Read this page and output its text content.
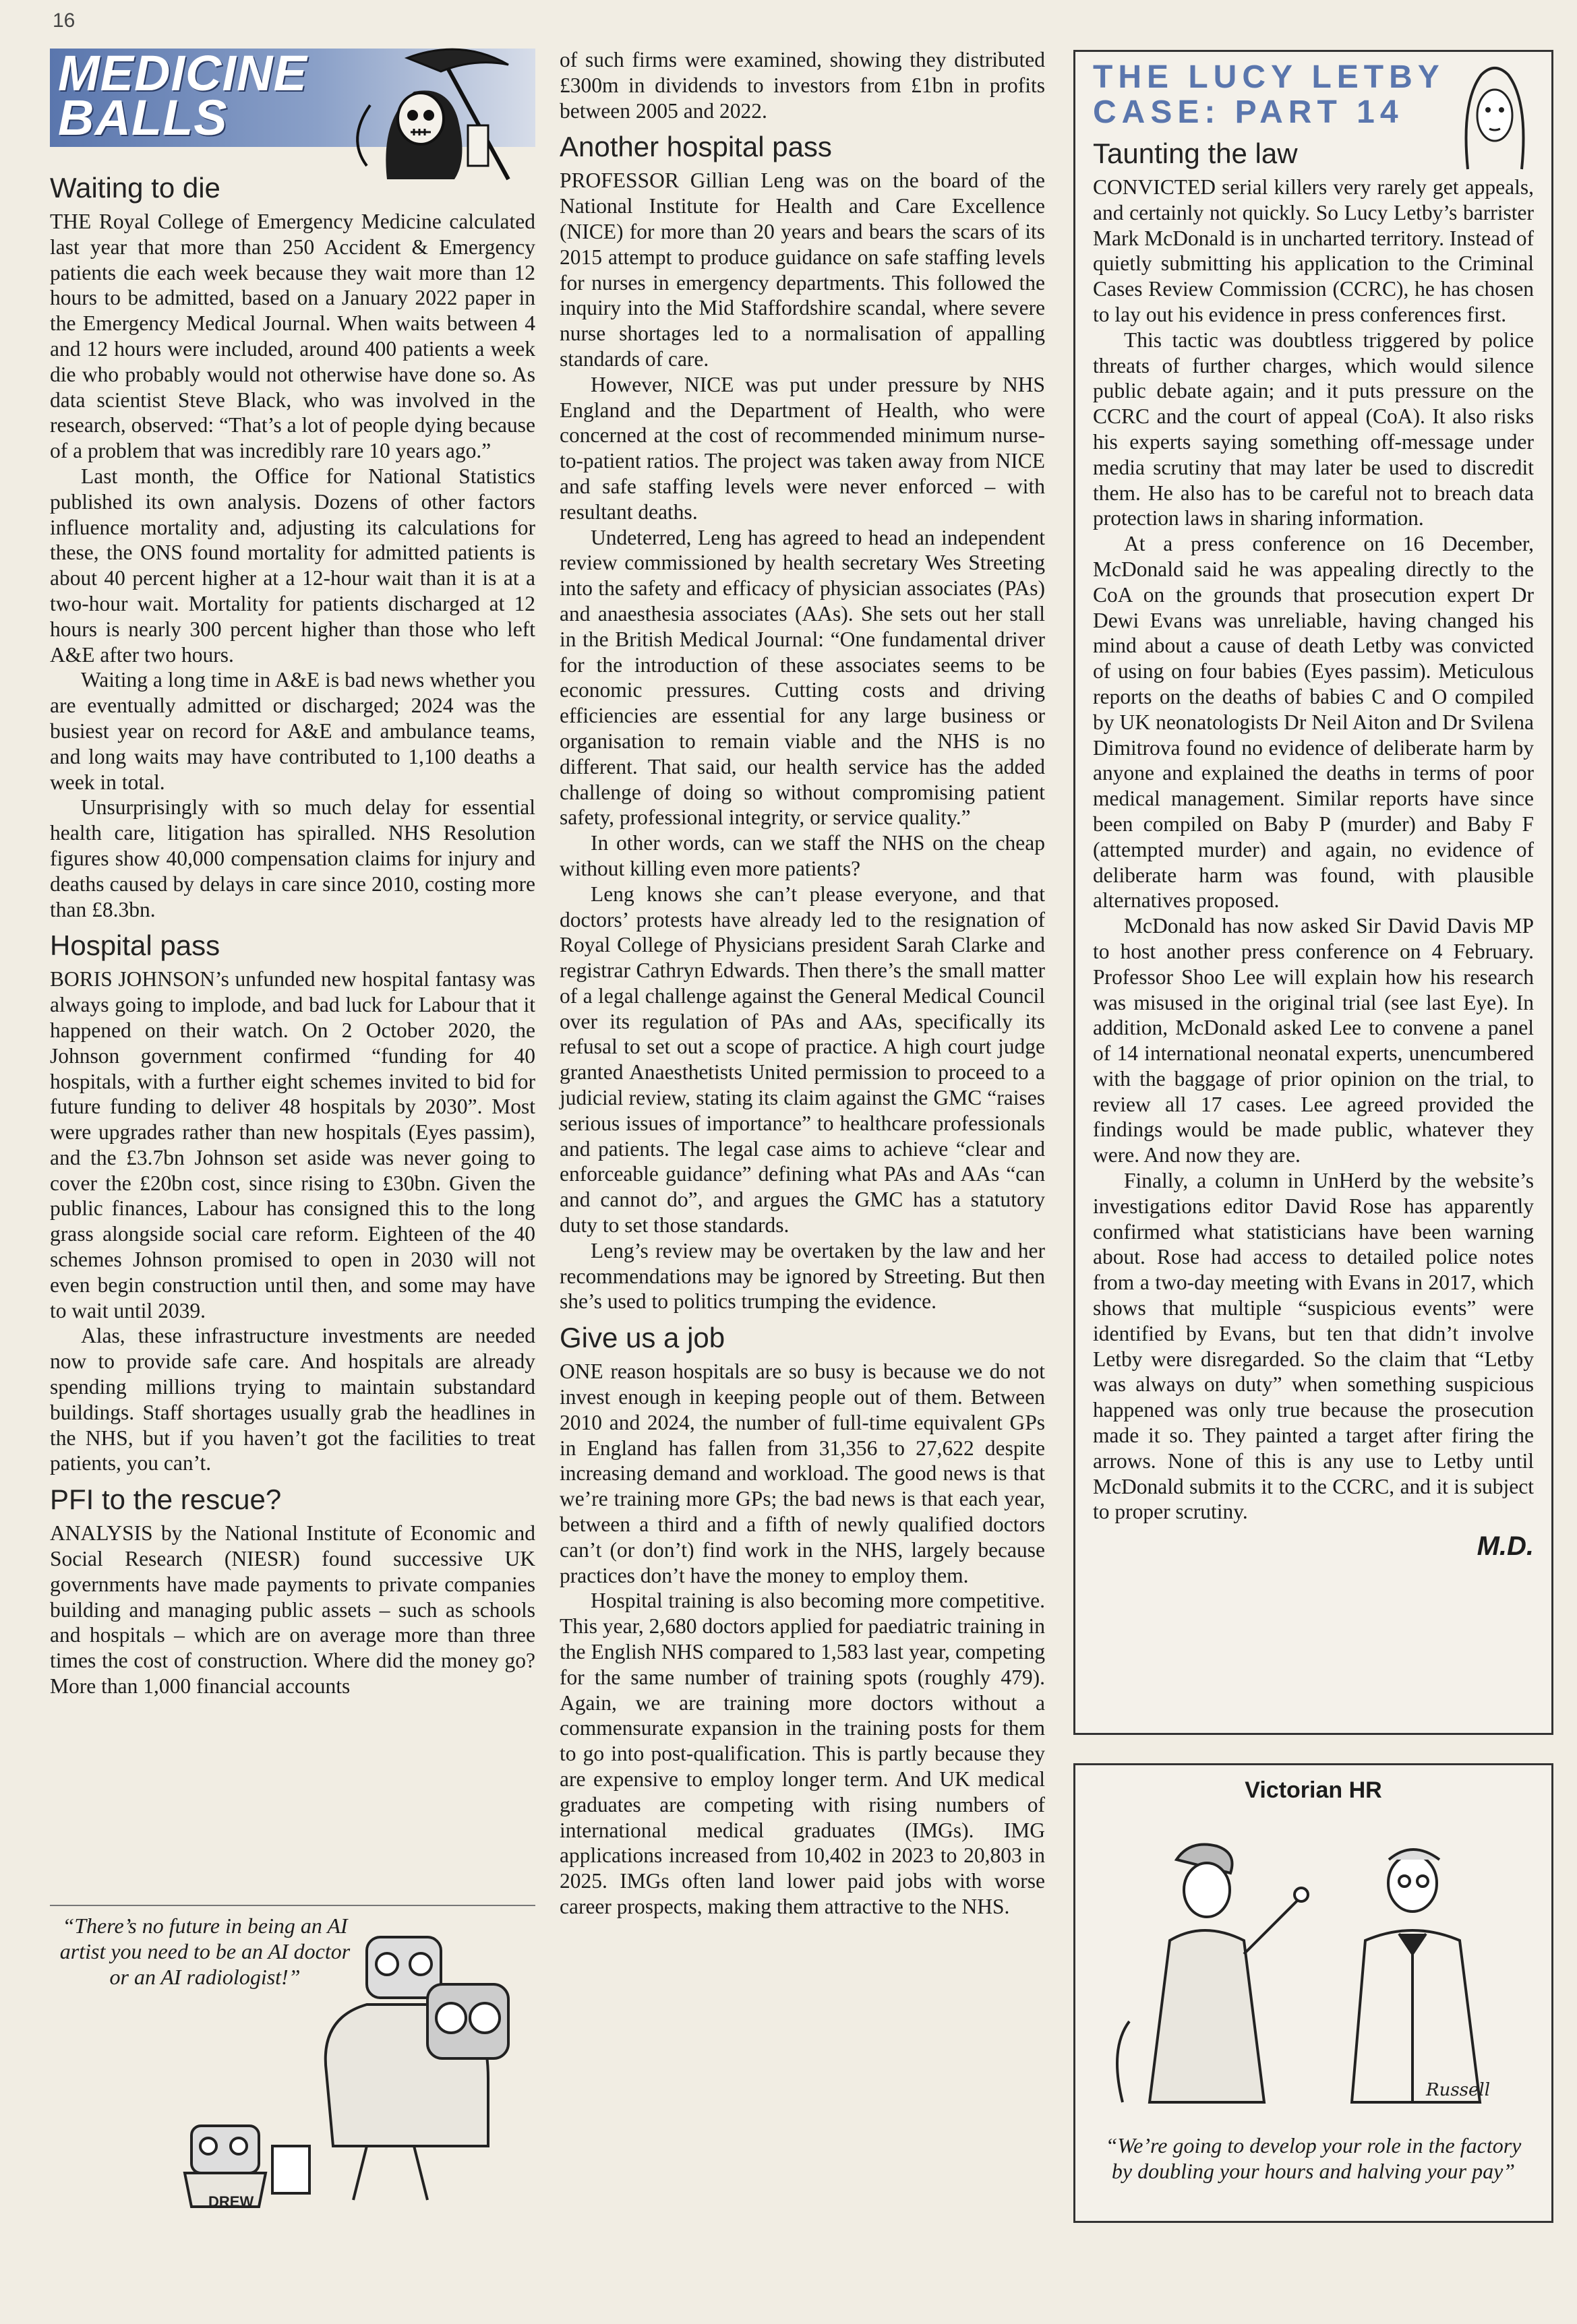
16
MEDICINE
BALLS
Waiting to die

THE Royal College of Emergency Medicine calculated last year that more than 250 Accident & Emergency patients die each week because they wait more than 12 hours to be admitted, based on a January 2022 paper in the Emergency Medical Journal. When waits between 4 and 12 hours were included, around 400 patients a week die who probably would not otherwise have done so. As data scientist Steve Black, who was involved in the research, observed: “That’s a lot of people dying because of a problem that was incredibly rare 10 years ago.”

Last month, the Office for National Statistics published its own analysis. Dozens of other factors influence mortality and, adjusting its calculations for these, the ONS found mortality for admitted patients is about 40 percent higher at a 12-hour wait than it is at a two-hour wait. Mortality for patients discharged at 12 hours is nearly 300 percent higher than those who left A&E after two hours.

Waiting a long time in A&E is bad news whether you are eventually admitted or discharged; 2024 was the busiest year on record for A&E and ambulance teams, and long waits may have contributed to 1,100 deaths a week in total.

Unsurprisingly with so much delay for essential health care, litigation has spiralled. NHS Resolution figures show 40,000 compensation claims for injury and deaths caused by delays in care since 2010, costing more than £8.3bn.

Hospital pass

BORIS JOHNSON’s unfunded new hospital fantasy was always going to implode, and bad luck for Labour that it happened on their watch. On 2 October 2020, the Johnson government confirmed “funding for 40 hospitals, with a further eight schemes invited to bid for future funding to deliver 48 hospitals by 2030”. Most were upgrades rather than new hospitals (Eyes passim), and the £3.7bn Johnson set aside was never going to cover the £20bn cost, since rising to £30bn. Given the public finances, Labour has consigned this to the long grass alongside social care reform. Eighteen of the 40 schemes Johnson promised to open in 2030 will not even begin construction until then, and some may have to wait until 2039.

Alas, these infrastructure investments are needed now to provide safe care. And hospitals are already spending millions trying to maintain substandard buildings. Staff shortages usually grab the headlines in the NHS, but if you haven’t got the facilities to treat patients, you can’t.

PFI to the rescue?

ANALYSIS by the National Institute of Economic and Social Research (NIESR) found successive UK governments have made payments to private companies building and managing public assets – such as schools and hospitals – which are on average more than three times the cost of construction. Where did the money go? More than 1,000 financial accounts

“There’s no future in being an AI artist you need to be an AI doctor or an AI radiologist!”
DREW

of such firms were examined, showing they distributed £300m in dividends to investors from £1bn in profits between 2005 and 2022.

Another hospital pass

PROFESSOR Gillian Leng was on the board of the National Institute for Health and Care Excellence (NICE) for more than 20 years and bears the scars of its 2015 attempt to produce guidance on safe staffing levels for nurses in emergency departments. This followed the inquiry into the Mid Staffordshire scandal, where severe nurse shortages led to a normalisation of appalling standards of care.

However, NICE was put under pressure by NHS England and the Department of Health, who were concerned at the cost of recommended minimum nurse-to-patient ratios. The project was taken away from NICE and safe staffing levels were never enforced – with resultant deaths.

Undeterred, Leng has agreed to head an independent review commissioned by health secretary Wes Streeting into the safety and efficacy of physician associates (PAs) and anaesthesia associates (AAs). She sets out her stall in the British Medical Journal: “One fundamental driver for the introduction of these associates seems to be economic pressures. Cutting costs and driving efficiencies are essential for any large business or organisation to remain viable and the NHS is no different. That said, our health service has the added challenge of doing so without compromising patient safety, professional integrity, or service quality.”

In other words, can we staff the NHS on the cheap without killing even more patients?

Leng knows she can’t please everyone, and that doctors’ protests have already led to the resignation of Royal College of Physicians president Sarah Clarke and registrar Cathryn Edwards. Then there’s the small matter of a legal challenge against the General Medical Council over its regulation of PAs and AAs, specifically its refusal to set out a scope of practice. A high court judge granted Anaesthetists United permission to proceed to a judicial review, stating its claim against the GMC “raises serious issues of importance” to healthcare professionals and patients. The legal case aims to achieve “clear and enforceable guidance” defining what PAs and AAs “can and cannot do”, and argues the GMC has a statutory duty to set those standards.

Leng’s review may be overtaken by the law and her recommendations may be ignored by Streeting. But then she’s used to politics trumping the evidence.

Give us a job

ONE reason hospitals are so busy is because we do not invest enough in keeping people out of them. Between 2010 and 2024, the number of full-time equivalent GPs in England has fallen from 31,356 to 27,622 despite increasing demand and workload. The good news is that we’re training more GPs; the bad news is that each year, between a third and a fifth of newly qualified doctors can’t (or don’t) find work in the NHS, largely because practices don’t have the money to employ them.

Hospital training is also becoming more competitive. This year, 2,680 doctors applied for paediatric training in the English NHS compared to 1,583 last year, competing for the same number of training spots (roughly 479). Again, we are training more doctors without a commensurate expansion in the training posts for them to go into post-qualification. This is partly because they are expensive to employ longer term. And UK medical graduates are competing with rising numbers of international medical graduates (IMGs). IMG applications increased from 10,402 in 2023 to 20,803 in 2025. IMGs often land lower paid jobs with worse career prospects, making them attractive to the NHS.

THE LUCY LETBY
CASE: PART 14
Taunting the law

CONVICTED serial killers very rarely get appeals, and certainly not quickly. So Lucy Letby’s barrister Mark McDonald is in uncharted territory. Instead of quietly submitting his application to the Criminal Cases Review Commission (CCRC), he has chosen to lay out his evidence in press conferences first.

This tactic was doubtless triggered by police threats of further charges, which would silence public debate again; and it puts pressure on the CCRC and the court of appeal (CoA). It also risks his experts saying something off-message under media scrutiny that may later be used to discredit them. He also has to be careful not to breach data protection laws in sharing information.

At a press conference on 16 December, McDonald said he was appealing directly to the CoA on the grounds that prosecution expert Dr Dewi Evans was unreliable, having changed his mind about a cause of death Letby was convicted of using on four babies (Eyes passim). Meticulous reports on the deaths of babies C and O compiled by UK neonatologists Dr Neil Aiton and Dr Svilena Dimitrova found no evidence of deliberate harm by anyone and explained the deaths in terms of poor medical management. Similar reports have since been compiled on Baby P (murder) and Baby F (attempted murder) and again, no evidence of deliberate harm was found, with plausible alternatives proposed.

McDonald has now asked Sir David Davis MP to host another press conference on 4 February. Professor Shoo Lee will explain how his research was misused in the original trial (see last Eye). In addition, McDonald asked Lee to convene a panel of 14 international neonatal experts, unencumbered with the baggage of prior opinion on the trial, to review all 17 cases. Lee agreed provided the findings would be made public, whatever they were. And now they are.

Finally, a column in UnHerd by the website’s investigations editor David Rose has apparently confirmed what statisticians have been warning about. Rose had access to detailed police notes from a two-day meeting with Evans in 2017, which shows that multiple “suspicious events” were identified by Evans, but ten that didn’t involve Letby were disregarded. So the claim that “Letby was always on duty” when something suspicious happened was only true because the prosecution made it so. They painted a target after firing the arrows. None of this is any use to Letby until McDonald submits it to the CCRC, and it is subject to proper scrutiny.

M.D.
Victorian HR
Russell
“We’re going to develop your role in the factory by doubling your hours and halving your pay”
